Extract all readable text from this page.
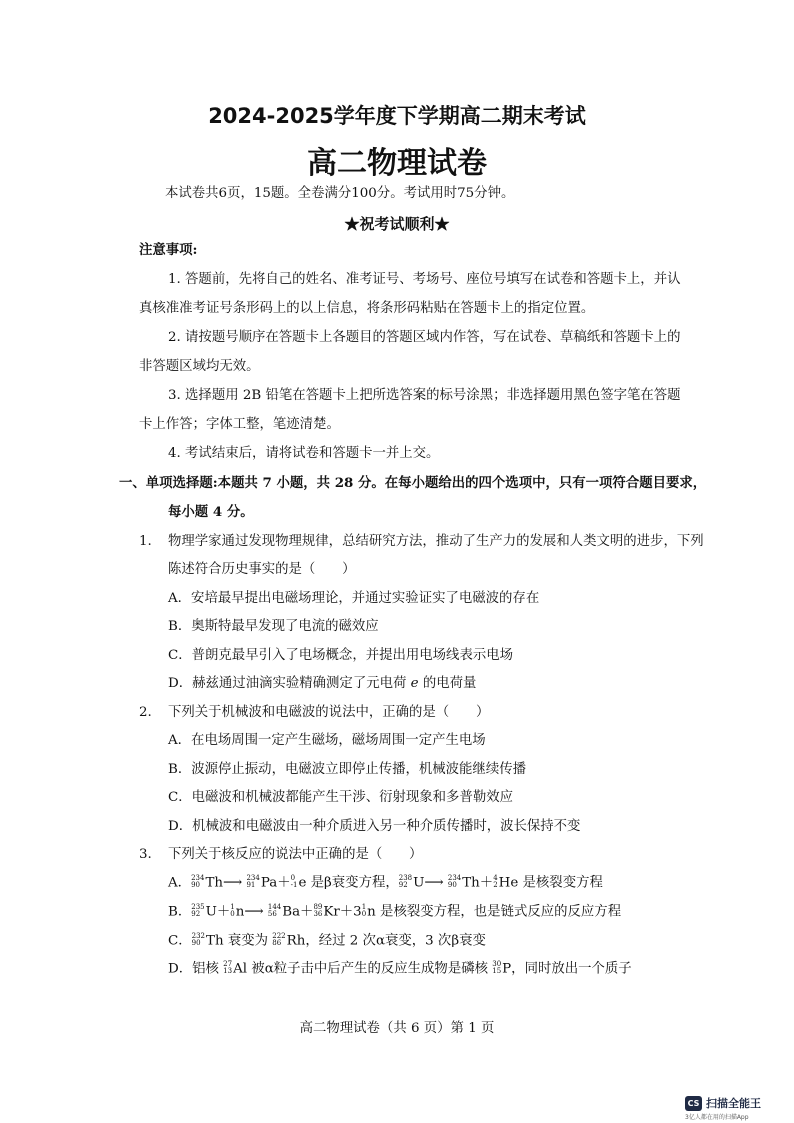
2024-2025学年度下学期高二期末考试
高二物理试卷
本试卷共6页，15题。全卷满分100分。考试用时75分钟。
★祝考试顺利★
注意事项:
1. 答题前，先将自己的姓名、准考证号、考场号、座位号填写在试卷和答题卡上，并认
真核准准考证号条形码上的以上信息，将条形码粘贴在答题卡上的指定位置。
2. 请按题号顺序在答题卡上各题目的答题区域内作答，写在试卷、草稿纸和答题卡上的
非答题区域均无效。
3. 选择题用 2B 铅笔在答题卡上把所选答案的标号涂黑；非选择题用黑色签字笔在答题
卡上作答；字体工整，笔迹清楚。
4. 考试结束后，请将试卷和答题卡一并上交。
一、单项选择题:本题共 7 小题，共 28 分。在每小题给出的四个选项中，只有一项符合题目要求，
每小题 4 分。
1. 物理学家通过发现物理规律，总结研究方法，推动了生产力的发展和人类文明的进步，下列
陈述符合历史事实的是（　　）
A．安培最早提出电磁场理论，并通过实验证实了电磁波的存在
B．奥斯特最早发现了电流的磁效应
C．普朗克最早引入了电场概念，并提出用电场线表示电场
D．赫兹通过油滴实验精确测定了元电荷 e 的电荷量
2. 下列关于机械波和电磁波的说法中，正确的是（　　）
A．在电场周围一定产生磁场，磁场周围一定产生电场
B．波源停止振动，电磁波立即停止传播，机械波能继续传播
C．电磁波和机械波都能产生干涉、衍射现象和多普勒效应
D．机械波和电磁波由一种介质进入另一种介质传播时，波长保持不变
3. 下列关于核反应的说法中正确的是（　　）
A． 234
90 Th⟶ 234
91 Pa＋ 0
-1 e 是β衰变方程， 238
92 U⟶ 234
90 Th＋ 4
2 He 是核裂变方程
B． 235
92 U＋ 1
0 n⟶ 144
56 Ba＋ 89
36 Kr＋3 1
0 n 是核裂变方程，也是链式反应的反应方程
C． 232
90 Th 衰变为 222
86 Rh，经过 2 次α衰变，3 次β衰变
D．铝核 27
13 Al 被α粒子击中后产生的反应生成物是磷核 30
15 P，同时放出一个质子
高二物理试卷（共 6 页）第 1 页
CS 扫描全能王
3亿人都在用的扫描App
